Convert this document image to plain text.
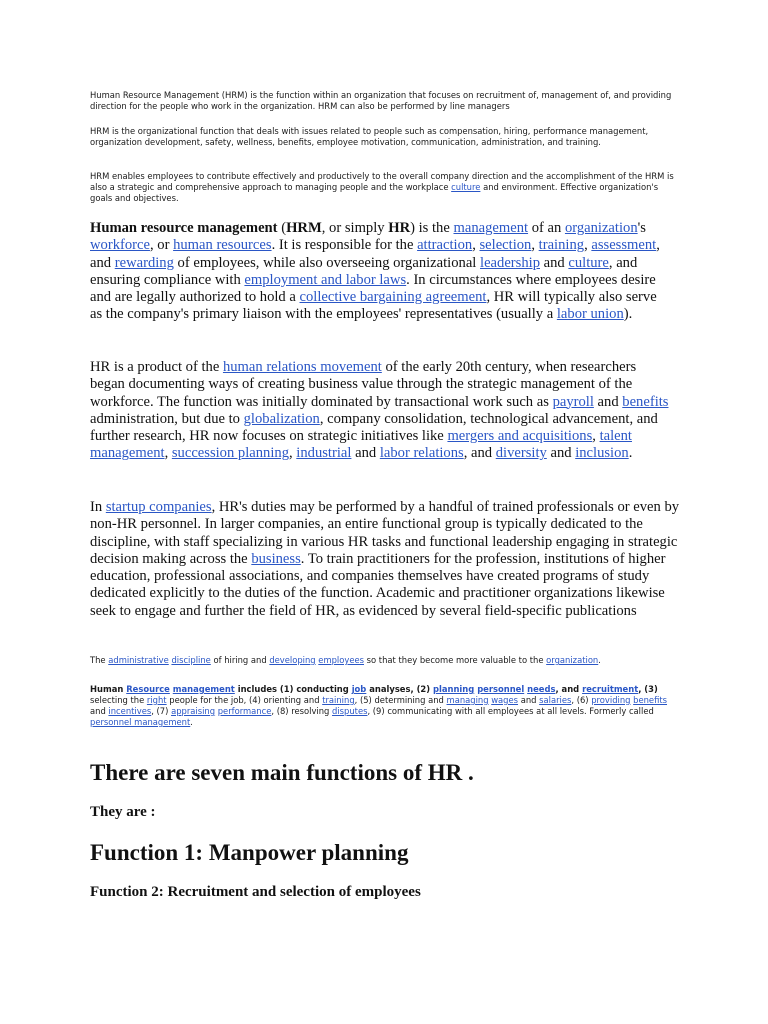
Human Resource Management (HRM) is the function within an organization that focuses on recruitment of, management of, and providing direction for the people who work in the organization. HRM can also be performed by line managers

HRM is the organizational function that deals with issues related to people such as compensation, hiring, performance management, organization development, safety, wellness, benefits, employee motivation, communication, administration, and training.

HRM enables employees to contribute effectively and productively to the overall company direction and the accomplishment of the HRM is also a strategic and comprehensive approach to managing people and the workplace culture and environment. Effective organization's goals and objectives.

Human resource management (HRM, or simply HR) is the management of an organization's workforce, or human resources. It is responsible for the attraction, selection, training, assessment, and rewarding of employees, while also overseeing organizational leadership and culture, and ensuring compliance with employment and labor laws. In circumstances where employees desire and are legally authorized to hold a collective bargaining agreement, HR will typically also serve as the company's primary liaison with the employees' representatives (usually a labor union).

HR is a product of the human relations movement of the early 20th century, when researchers began documenting ways of creating business value through the strategic management of the workforce. The function was initially dominated by transactional work such as payroll and benefits administration, but due to globalization, company consolidation, technological advancement, and further research, HR now focuses on strategic initiatives like mergers and acquisitions, talent management, succession planning, industrial and labor relations, and diversity and inclusion.

In startup companies, HR's duties may be performed by a handful of trained professionals or even by non-HR personnel. In larger companies, an entire functional group is typically dedicated to the discipline, with staff specializing in various HR tasks and functional leadership engaging in strategic decision making across the business. To train practitioners for the profession, institutions of higher education, professional associations, and companies themselves have created programs of study dedicated explicitly to the duties of the function. Academic and practitioner organizations likewise seek to engage and further the field of HR, as evidenced by several field-specific publications

The administrative discipline of hiring and developing employees so that they become more valuable to the organization.

Human Resource management includes (1) conducting job analyses, (2) planning personnel needs, and recruitment, (3) selecting the right people for the job, (4) orienting and training, (5) determining and managing wages and salaries, (6) providing benefits and incentives, (7) appraising performance, (8) resolving disputes, (9) communicating with all employees at all levels. Formerly called personnel management.

There are seven main functions of HR .
They are :
Function 1: Manpower planning
Function 2: Recruitment and selection of employees
